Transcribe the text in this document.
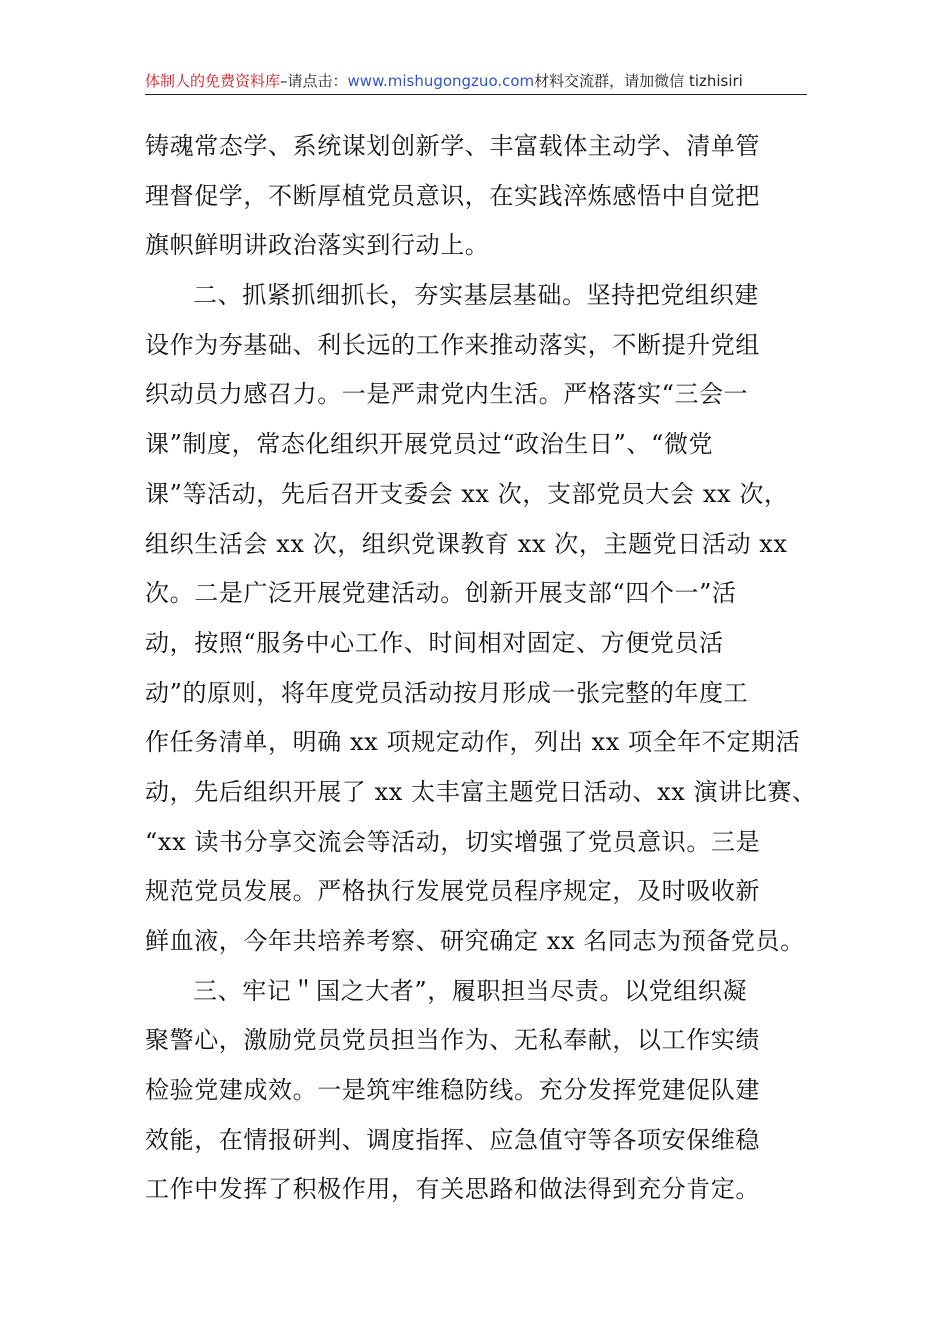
体制人的免费资料库–请点击：www.mishugongzuo.com材料交流群，请加微信 tizhisiri
铸魂常态学、系统谋划创新学、丰富载体主动学、清单管
理督促学，不断厚植党员意识，在实践淬炼感悟中自觉把
旗帜鲜明讲政治落实到行动上。
二、抓紧抓细抓长，夯实基层基础。坚持把党组织建
设作为夯基础、利长远的工作来推动落实，不断提升党组
织动员力感召力。一是严肃党内生活。严格落实“三会一
课”制度，常态化组织开展党员过“政治生日”、“微党
课”等活动，先后召开支委会 xx 次，支部党员大会 xx 次，
组织生活会 xx 次，组织党课教育 xx 次，主题党日活动 xx
次。二是广泛开展党建活动。创新开展支部“四个一”活
动，按照“服务中心工作、时间相对固定、方便党员活
动”的原则，将年度党员活动按月形成一张完整的年度工
作任务清单，明确 xx 项规定动作，列出 xx 项全年不定期活
动，先后组织开展了 xx 太丰富主题党日活动、xx 演讲比赛、
“xx 读书分享交流会等活动，切实增强了党员意识。三是
规范党员发展。严格执行发展党员程序规定，及时吸收新
鲜血液，今年共培养考察、研究确定 xx 名同志为预备党员。
三、牢记＂国之大者”，履职担当尽责。以党组织凝
聚警心，激励党员党员担当作为、无私奉献，以工作实绩
检验党建成效。一是筑牢维稳防线。充分发挥党建促队建
效能，在情报研判、调度指挥、应急值守等各项安保维稳
工作中发挥了积极作用，有关思路和做法得到充分肯定。
